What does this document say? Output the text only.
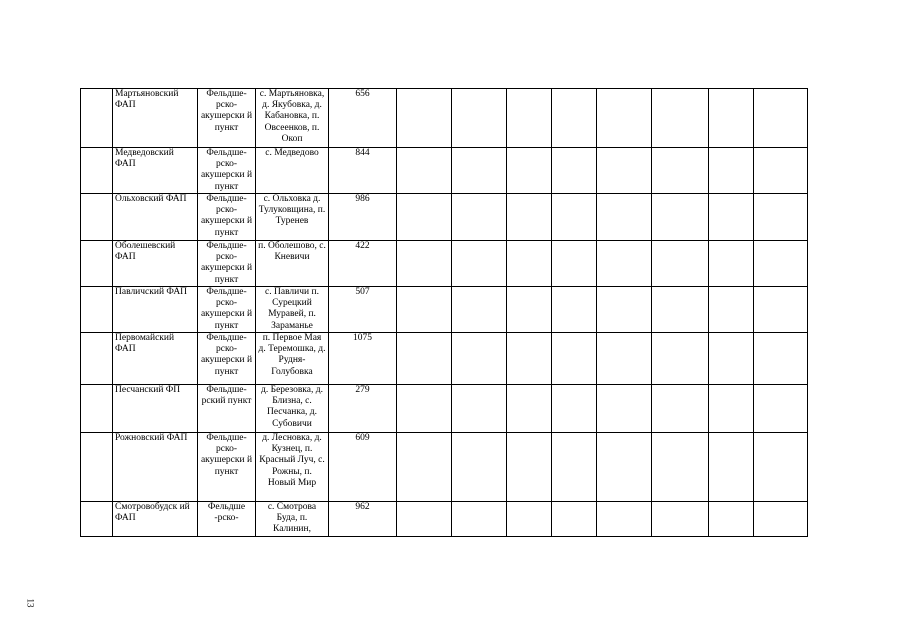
13
	Мартьяновский ФАП	Фельдше-рско-акушерски й пункт	с. Мартьяновка, д. Якубовка, д. Кабановка, п. Овсеенков, п. Окоп	656								
	Медведовский ФАП	Фельдше-рско-акушерски й пункт	с. Медведово	844								
	Ольховский ФАП	Фельдше-рско-акушерски й пункт	с. Ольховка д. Тулуковщина, п. Туренев	986								
	Оболешевский ФАП	Фельдше-рско-акушерски й пункт	п. Оболешово, с. Кневичи	422								
	Павличский ФАП	Фельдше-рско-акушерски й пункт	с. Павличи п. Сурецкий Муравей, п. Зараманье	507								
	Первомайский ФАП	Фельдше-рско-акушерски й пункт	п. Первое Мая д. Теремошка, д. Рудня-Голубовка	1075								
	Песчанский ФП	Фельдше-рский пункт	д. Березовка, д. Близна, с. Песчанка, д. Субовичи	279								
	Рожновский ФАП	Фельдше-рско-акушерски й пункт	д. Лесновка, д. Кузнец, п. Красный Луч, с. Рожны, п. Новый Мир	609								
	Смотровобудск ий ФАП	Фельдше -рско-	с. Смотрова Буда, п. Калинин,	962								
